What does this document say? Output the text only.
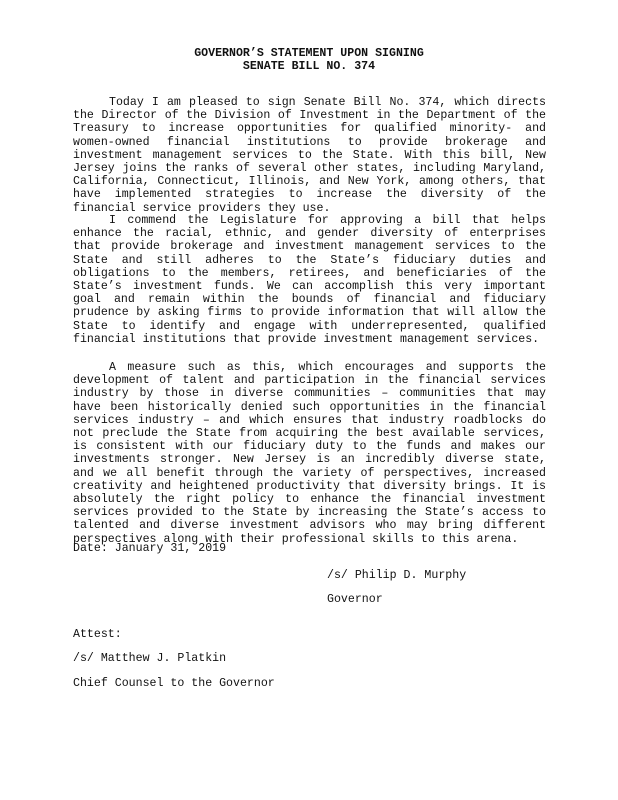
GOVERNOR’S STATEMENT UPON SIGNING

SENATE BILL NO. 374

Today I am pleased to sign Senate Bill No. 374, which directs the Director of the Division of Investment in the Department of the Treasury to increase opportunities for qualified minority- and women-owned financial institutions to provide brokerage and investment management services to the State. With this bill, New Jersey joins the ranks of several other states, including Maryland, California, Connecticut, Illinois, and New York, among others, that have implemented strategies to increase the diversity of the financial service providers they use.

I commend the Legislature for approving a bill that helps enhance the racial, ethnic, and gender diversity of enterprises that provide brokerage and investment management services to the State and still adheres to the State’s fiduciary duties and obligations to the members, retirees, and beneficiaries of the State’s investment funds. We can accomplish this very important goal and remain within the bounds of financial and fiduciary prudence by asking firms to provide information that will allow the State to identify and engage with underrepresented, qualified financial institutions that provide investment management services.

A measure such as this, which encourages and supports the development of talent and participation in the financial services industry by those in diverse communities – communities that may have been historically denied such opportunities in the financial services industry – and which ensures that industry roadblocks do not preclude the State from acquiring the best available services, is consistent with our fiduciary duty to the funds and makes our investments stronger. New Jersey is an incredibly diverse state, and we all benefit through the variety of perspectives, increased creativity and heightened productivity that diversity brings. It is absolutely the right policy to enhance the financial investment services provided to the State by increasing the State’s access to talented and diverse investment advisors who may bring different perspectives along with their professional skills to this arena.

Date: January 31, 2019

/s/ Philip D. Murphy

Governor

Attest:

/s/ Matthew J. Platkin

Chief Counsel to the Governor
